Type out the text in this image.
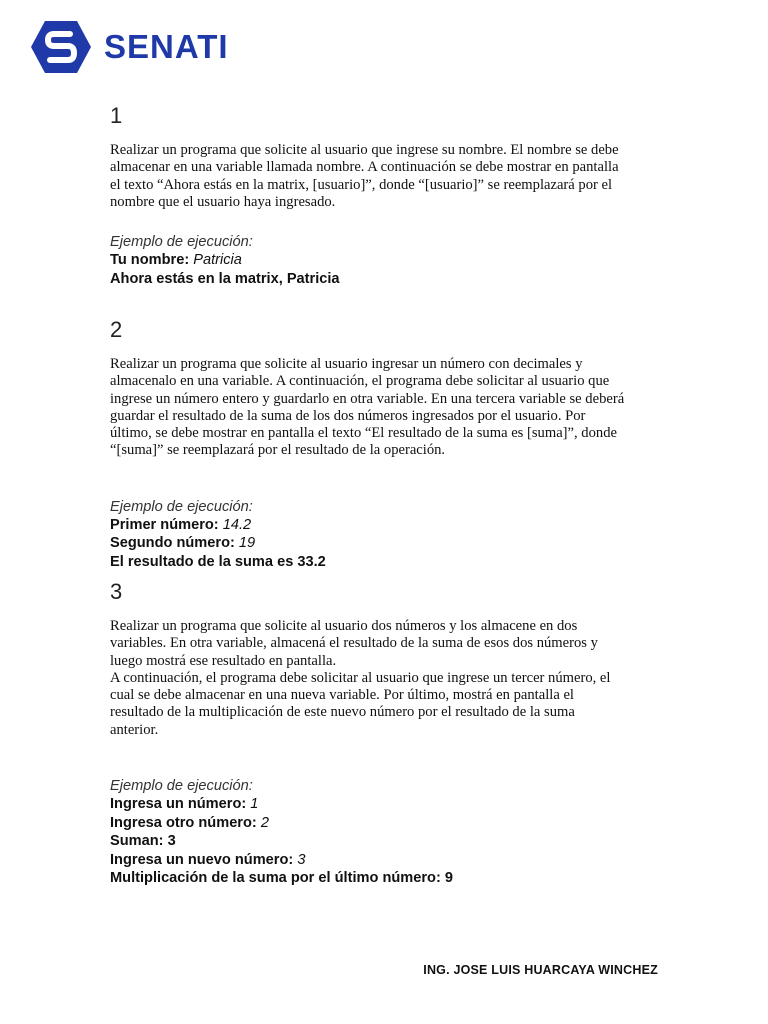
SENATI
1

Realizar un programa que solicite al usuario que ingrese su nombre. El nombre se debe
almacenar en una variable llamada nombre. A continuación se debe mostrar en pantalla
el texto “Ahora estás en la matrix, [usuario]”, donde “[usuario]” se reemplazará por el
nombre que el usuario haya ingresado.

Ejemplo de ejecución:
Tu nombre: Patricia
Ahora estás en la matrix, Patricia
2

Realizar un programa que solicite al usuario ingresar un número con decimales y
almacenalo en una variable. A continuación, el programa debe solicitar al usuario que
ingrese un número entero y guardarlo en otra variable. En una tercera variable se deberá
guardar el resultado de la suma de los dos números ingresados por el usuario. Por
último, se debe mostrar en pantalla el texto “El resultado de la suma es [suma]”, donde
“[suma]” se reemplazará por el resultado de la operación.

Ejemplo de ejecución:
Primer número: 14.2
Segundo número: 19
El resultado de la suma es 33.2
3

Realizar un programa que solicite al usuario dos números y los almacene en dos
variables. En otra variable, almacená el resultado de la suma de esos dos números y
luego mostrá ese resultado en pantalla.
A continuación, el programa debe solicitar al usuario que ingrese un tercer número, el
cual se debe almacenar en una nueva variable. Por último, mostrá en pantalla el
resultado de la multiplicación de este nuevo número por el resultado de la suma
anterior.

Ejemplo de ejecución:
Ingresa un número: 1
Ingresa otro número: 2
Suman: 3
Ingresa un nuevo número: 3
Multiplicación de la suma por el último número: 9
ING. JOSE LUIS HUARCAYA WINCHEZ
